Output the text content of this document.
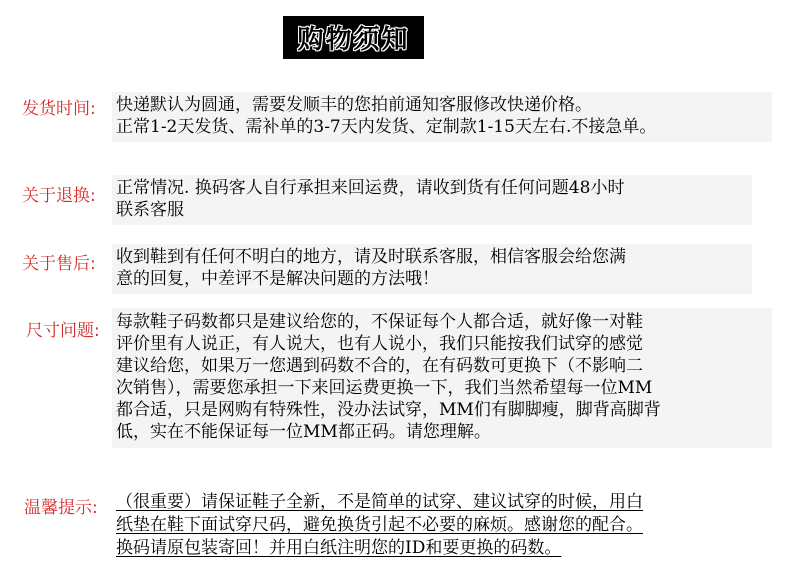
购物须知
发货时间: 快递默认为圆通，需要发顺丰的您拍前通知客服修改快递价格。
正常1-2天发货、需补单的3-7天内发货、定制款1-15天左右.不接急单。
关于退换: 正常情况. 换码客人自行承担来回运费，请收到货有任何问题48小时
联系客服
关于售后: 收到鞋到有任何不明白的地方，请及时联系客服，相信客服会给您满
意的回复，中差评不是解决问题的方法哦！
尺寸问题: 每款鞋子码数都只是建议给您的，不保证每个人都合适，就好像一对鞋
评价里有人说正，有人说大，也有人说小，我们只能按我们试穿的感觉
建议给您，如果万一您遇到码数不合的，在有码数可更换下（不影响二
次销售），需要您承担一下来回运费更换一下，我们当然希望每一位MM
都合适，只是网购有特殊性，没办法试穿，MM们有脚脚瘦，脚背高脚背
低，实在不能保证每一位MM都正码。请您理解。
温馨提示: （很重要）请保证鞋子全新，不是简单的试穿、建议试穿的时候，用白
纸垫在鞋下面试穿尺码，避免换货引起不必要的麻烦。感谢您的配合。
换码请原包装寄回！并用白纸注明您的ID和要更换的码数。
